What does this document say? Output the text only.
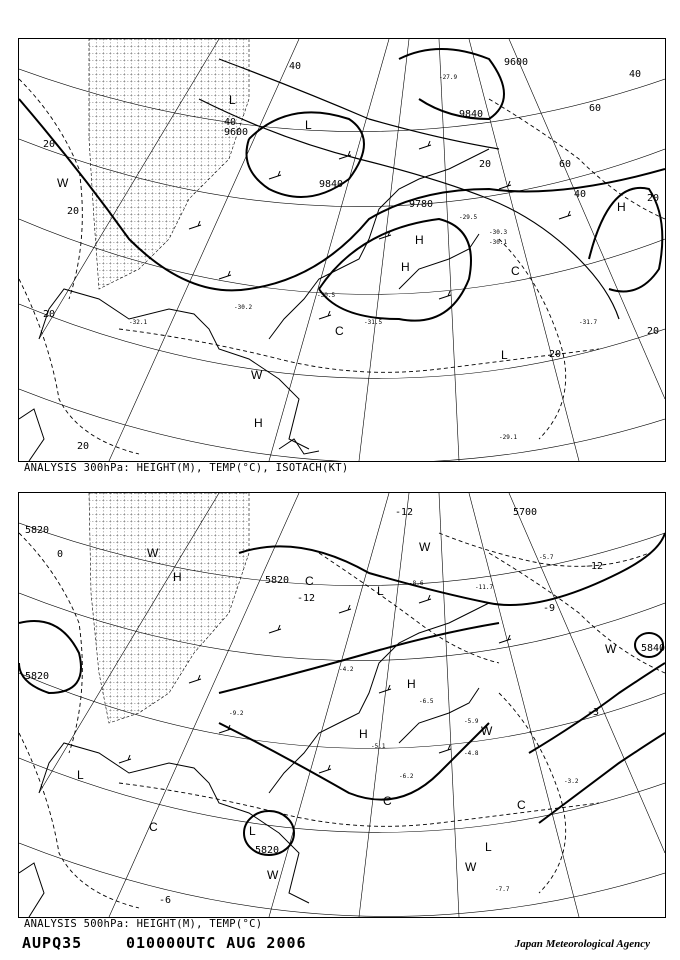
H
H
H
H
L
L
L
C
C
W
W
40
40
40
40
20
20
20
20
20
20
20
20
9600
9600
9780
9840
9840
60
60
-30.5
-30.3
-29.5
-30.1
-31.7
-29.1
-32.1
-30.2
-31.5
-27.9
ANALYSIS 300hPa: HEIGHT(M), TEMP(°C), ISOTACH(KT)
H
H
H
L
L
L
L
C
C	C
C
W	W
W
W
W
W
5820
5820
5820
5820
5700
5840
-12
-12
-12
-9
-6
-3
0
-5.9
-8.6
-6.2
-7.7
-3.2
-5.7
-4.2
-9.2
-5.1
-11.7
-6.5
-4.8
ANALYSIS 500hPa: HEIGHT(M), TEMP(°C)
AUPQ35	010000UTC AUG 2006	Japan Meteorological Agency
